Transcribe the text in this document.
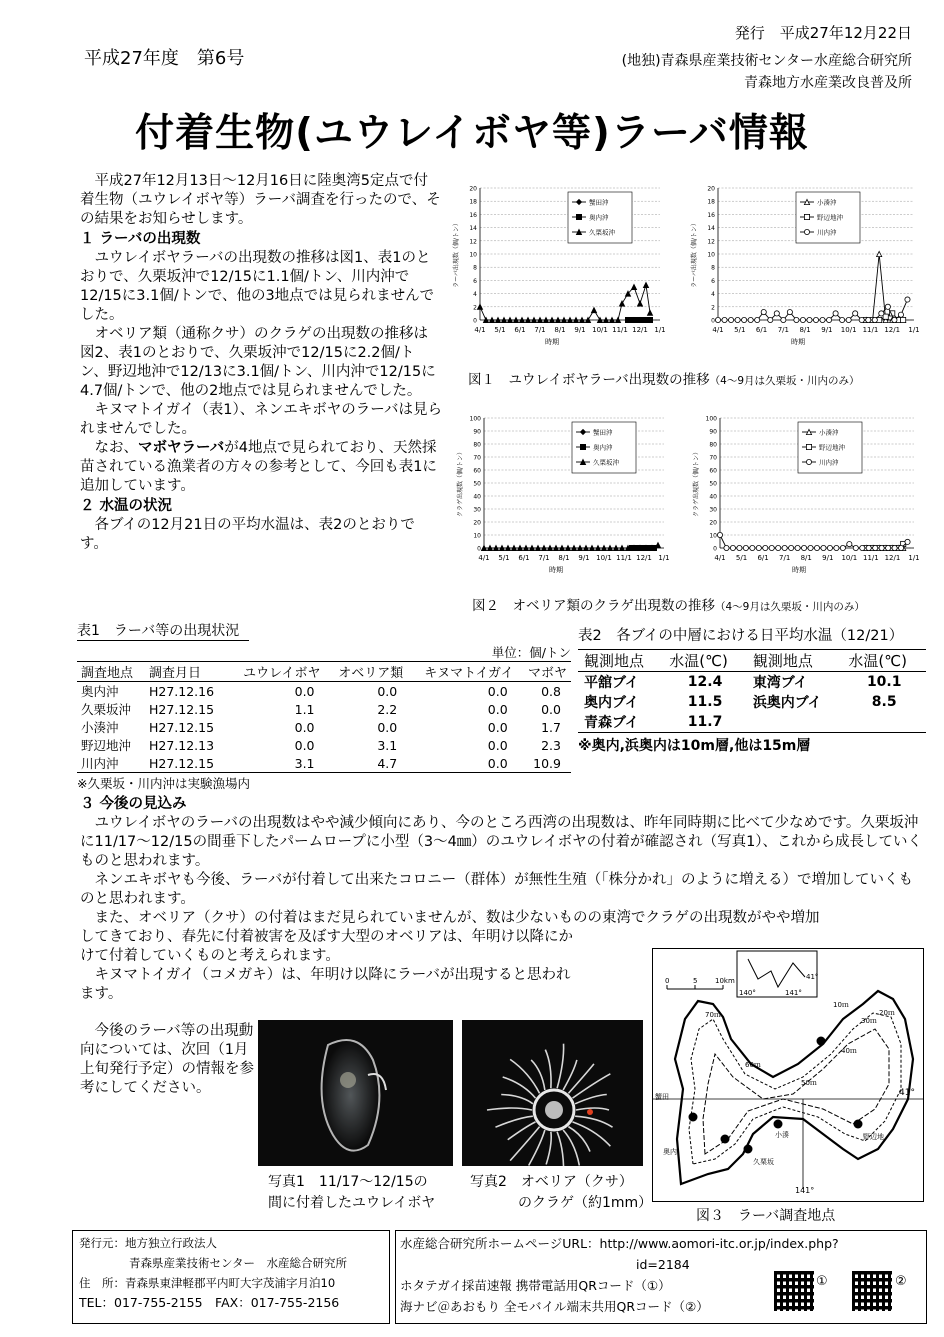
平成27年度　第6号
発行　平成27年12月22日
(地独)青森県産業技術センター水産総合研究所
青森地方水産業改良普及所
付着生物(ユウレイボヤ等)ラーバ情報

平成27年12月13日～12月16日に陸奥湾5定点で付着生物（ユウレイボヤ等）ラーバ調査を行ったので、その結果をお知らせします。

１ ラーバの出現数

ユウレイボヤラーバの出現数の推移は図1、表1のとおりで、久栗坂沖で12/15に1.1個/トン、川内沖で12/15に3.1個/トンで、他の3地点では見られませんでした。

オベリア類（通称クサ）のクラゲの出現数の推移は図2、表1のとおりで、久栗坂沖で12/15に2.2個/トン、野辺地沖で12/13に3.1個/トン、川内沖で12/15に4.7個/トンで、他の2地点では見られませんでした。

キヌマトイガイ（表1）、ネンエキボヤのラーバは見られませんでした。

なお、マボヤラーバが4地点で見られており、天然採苗されている漁業者の方々の参考として、今回も表1に追加しています。

２ 水温の状況

各ブイの12月21日の平均水温は、表2のとおりです。

0
2
4
6
8
10
12
14
16
18
20
4/1 5/1 6/1 7/1 8/1 9/1 10/1 11/1 12/1 1/1
時期
ラーバ出現数（個/トン）
蟹田沖
奥内沖
久栗坂沖
0
2
4
6
8
10
12
14
16
18
20
4/1 5/1 6/1 7/1 8/1 9/1 10/1 11/1 12/1 1/1
時期
ラーバ出現数（個/トン）
小湊沖
野辺地沖
川内沖
0
10
20
30
40
50
60
70
80
90
100
4/1 5/1 6/1 7/1 8/1 9/1 10/1 11/1 12/1 1/1
時期
クラゲ出現数（個/トン）
蟹田沖
奥内沖
久栗坂沖
0
10
20
30
40
50
60
70
80
90
100
4/1 5/1 6/1 7/1 8/1 9/1 10/1 11/1 12/1 1/1
時期
クラゲ出現数（個/トン）
小湊沖
野辺地沖
川内沖
図１　ユウレイボヤラーバ出現数の推移（4～9月は久栗坂・川内のみ）
図２　オベリア類のクラゲ出現数の推移（4～9月は久栗坂・川内のみ）
表1　ラーバ等の出現状況
単位：個/トン
調査地点	調査月日	ユウレイボヤ	オベリア類	キヌマトイガイ	マボヤ
奥内沖	H27.12.16	0.0	0.0	0.0	0.8
久栗坂沖	H27.12.15	1.1	2.2	0.0	0.0
小湊沖	H27.12.15	0.0	0.0	0.0	1.7
野辺地沖	H27.12.13	0.0	3.1	0.0	2.3
川内沖	H27.12.15	3.1	4.7	0.0	10.9
※久栗坂・川内沖は実験漁場内
表2　各ブイの中層における日平均水温（12/21）
観測地点	水温(℃)	観測地点	水温(℃)
平舘ブイ	12.4	東湾ブイ	10.1
奥内ブイ	11.5	浜奥内ブイ	8.5
青森ブイ	11.7		
※奥内,浜奥内は10m層,他は15m層

３ 今後の見込み

ユウレイボヤのラーバの出現数はやや減少傾向にあり、今のところ西湾の出現数は、昨年同時期に比べて少なめです。久栗坂沖に11/17～12/15の間垂下したパームロープに小型（3～4㎜）のユウレイボヤの付着が確認され（写真1）、これから成長していくものと思われます。

ネンエキボヤも今後、ラーバが付着して出来たコロニー（群体）が無性生殖（「株分かれ」のように増える）で増加していくものと思われます。

また、オベリア（クサ）の付着はまだ見られていませんが、数は少ないものの東湾でクラゲの出現数がやや増加

してきており、春先に付着被害を及ぼす大型のオベリアは、年明け以降にか

けて付着していくものと考えられます。

キヌマトイガイ（コメガキ）は、年明け以降にラーバが出現すると思われ

ます。

今後のラーバ等の出現動向については、次回（1月上旬発行予定）の情報を参考にしてください。

写真1　11/17～12/15の
間に付着したユウレイボヤ
写真2　オベリア（クサ）
のクラゲ（約1mm）
140°	141°
41°
0	5	10km
70ｍ
60ｍ
50ｍ
40ｍ
30ｍ
20ｍ
10ｍ
41°
141°
蟹田
奥内
久栗坂
小湊	野辺地
図３　ラーバ調査地点
発行元：地方独立行政法人
青森県産業技術センター　水産総合研究所
住　所：青森県東津軽郡平内町大字茂浦字月泊10
TEL：017-755-2155　FAX：017-755-2156
水産総合研究所ホームページURL：http://www.aomori-itc.or.jp/index.php?
id=2184
ホタテガイ採苗速報 携帯電話用QRコード（①）
海ナビ＠あおもり 全モバイル端末共用QRコード（②）
①	②
